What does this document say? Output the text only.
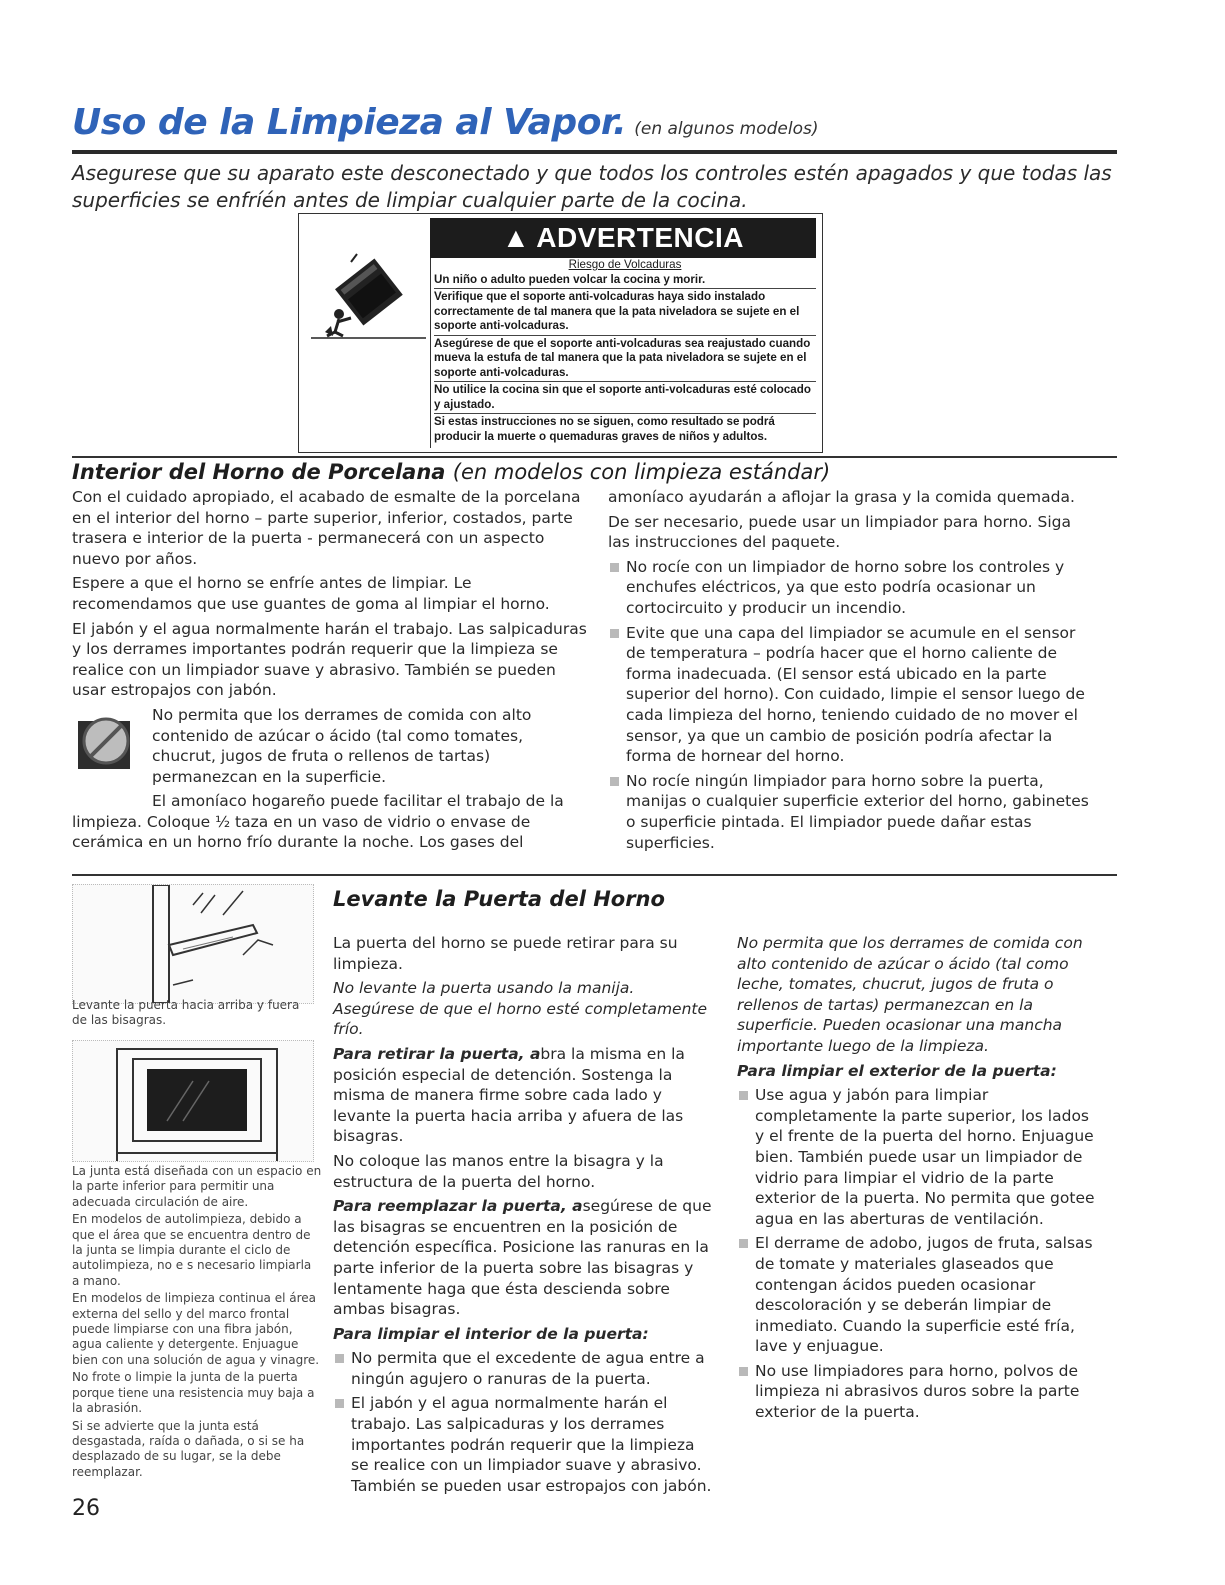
Uso de la Limpieza al Vapor. (en algunos modelos)
Asegurese que su aparato este desconectado y que todos los controles estén apagados y que todas las superficies se enfríén antes de limpiar cualquier parte de la cocina.
▲ ADVERTENCIA
Riesgo de Volcaduras

Un niño o adulto pueden volcar la cocina y morir.

Verifique que el soporte anti-volcaduras haya sido instalado correctamente de tal manera que la pata niveladora se sujete en el soporte anti-volcaduras.

Asegúrese de que el soporte anti-volcaduras sea reajustado cuando mueva la estufa de tal manera que la pata niveladora se sujete en el soporte anti-volcaduras.

No utilice la cocina sin que el soporte anti-volcaduras esté colocado y ajustado.

Si estas instrucciones no se siguen, como resultado se podrá producir la muerte o quemaduras graves de niños y adultos.

Interior del Horno de Porcelana (en modelos con limpieza estándar)

Con el cuidado apropiado, el acabado de esmalte de la porcelana en el interior del horno – parte superior, inferior, costados, parte trasera e interior de la puerta - permanecerá con un aspecto nuevo por años.

Espere a que el horno se enfríe antes de limpiar. Le recomendamos que use guantes de goma al limpiar el horno.

El jabón y el agua normalmente harán el trabajo. Las salpicaduras y los derrames importantes podrán requerir que la limpieza se realice con un limpiador suave y abrasivo. También se pueden usar estropajos con jabón.

No permita que los derrames de comida con alto contenido de azúcar o ácido (tal como tomates, chucrut, jugos de fruta o rellenos de tartas) permanezcan en la superficie.

El amoníaco hogareño puede facilitar el trabajo de la limpieza. Coloque ½ taza en un vaso de vidrio o envase de cerámica en un horno frío durante la noche. Los gases del

amoníaco ayudarán a aflojar la grasa y la comida quemada.

De ser necesario, puede usar un limpiador para horno. Siga las instrucciones del paquete.

No rocíe con un limpiador de horno sobre los controles y enchufes eléctricos, ya que esto podría ocasionar un cortocircuito y producir un incendio.
Evite que una capa del limpiador se acumule en el sensor de temperatura – podría hacer que el horno caliente de forma inadecuada. (El sensor está ubicado en la parte superior del horno). Con cuidado, limpie el sensor luego de cada limpieza del horno, teniendo cuidado de no mover el sensor, ya que un cambio de posición podría afectar la forma de hornear del horno.
No rocíe ningún limpiador para horno sobre la puerta, manijas o cualquier superficie exterior del horno, gabinetes o superficie pintada. El limpiador puede dañar estas superficies.
Levante la puerta hacia arriba y fuera de las bisagras.

La junta está diseñada con un espacio en la parte inferior para permitir una adecuada circulación de aire.

En modelos de autolimpieza, debido a que el área que se encuentra dentro de la junta se limpia durante el ciclo de autolimpieza, no e s necesario limpiarla a mano.

En modelos de limpieza continua el área externa del sello y del marco frontal puede limpiarse con una fibra jabón, agua caliente y detergente. Enjuague bien con una solución de agua y vinagre.

No frote o limpie la junta de la puerta porque tiene una resistencia muy baja a la abrasión.

Si se advierte que la junta está desgastada, raída o dañada, o si se ha desplazado de su lugar, se la debe reemplazar.

Levante la Puerta del Horno

La puerta del horno se puede retirar para su limpieza.

No levante la puerta usando la manija. Asegúrese de que el horno esté completamente frío.

Para retirar la puerta, abra la misma en la posición especial de detención. Sostenga la misma de manera firme sobre cada lado y levante la puerta hacia arriba y afuera de las bisagras.

No coloque las manos entre la bisagra y la estructura de la puerta del horno.

Para reemplazar la puerta, asegúrese de que las bisagras se encuentren en la posición de detención específica. Posicione las ranuras en la parte inferior de la puerta sobre las bisagras y lentamente haga que ésta descienda sobre ambas bisagras.

Para limpiar el interior de la puerta:

No permita que el excedente de agua entre a ningún agujero o ranuras de la puerta.
El jabón y el agua normalmente harán el trabajo. Las salpicaduras y los derrames importantes podrán requerir que la limpieza se realice con un limpiador suave y abrasivo. También se pueden usar estropajos con jabón.

No permita que los derrames de comida con alto contenido de azúcar o ácido (tal como leche, tomates, chucrut, jugos de fruta o rellenos de tartas) permanezcan en la superficie. Pueden ocasionar una mancha importante luego de la limpieza.

Para limpiar el exterior de la puerta:

Use agua y jabón para limpiar completamente la parte superior, los lados y el frente de la puerta del horno. Enjuague bien. También puede usar un limpiador de vidrio para limpiar el vidrio de la parte exterior de la puerta. No permita que gotee agua en las aberturas de ventilación.
El derrame de adobo, jugos de fruta, salsas de tomate y materiales glaseados que contengan ácidos pueden ocasionar descoloración y se deberán limpiar de inmediato. Cuando la superficie esté fría, lave y enjuague.
No use limpiadores para horno, polvos de limpieza ni abrasivos duros sobre la parte exterior de la puerta.
26
